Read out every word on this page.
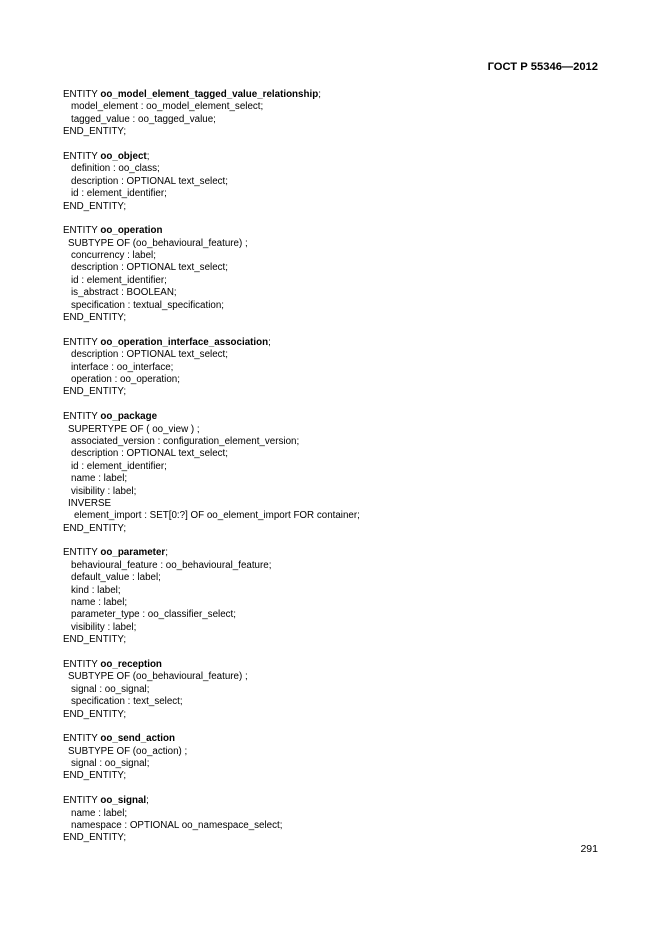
ГОСТ Р 55346—2012
ENTITY oo_model_element_tagged_value_relationship;
model_element : oo_model_element_select;
tagged_value : oo_tagged_value;
END_ENTITY;
ENTITY oo_object;
definition : oo_class;
description : OPTIONAL text_select;
id : element_identifier;
END_ENTITY;
ENTITY oo_operation
SUBTYPE OF (oo_behavioural_feature) ;
concurrency : label;
description : OPTIONAL text_select;
id : element_identifier;
is_abstract : BOOLEAN;
specification : textual_specification;
END_ENTITY;
ENTITY oo_operation_interface_association;
description : OPTIONAL text_select;
interface : oo_interface;
operation : oo_operation;
END_ENTITY;
ENTITY oo_package
SUPERTYPE OF ( oo_view ) ;
associated_version : configuration_element_version;
description : OPTIONAL text_select;
id : element_identifier;
name : label;
visibility : label;
INVERSE
element_import : SET[0:?] OF oo_element_import FOR container;
END_ENTITY;
ENTITY oo_parameter;
behavioural_feature : oo_behavioural_feature;
default_value : label;
kind : label;
name : label;
parameter_type : oo_classifier_select;
visibility : label;
END_ENTITY;
ENTITY oo_reception
SUBTYPE OF (oo_behavioural_feature) ;
signal : oo_signal;
specification : text_select;
END_ENTITY;
ENTITY oo_send_action
SUBTYPE OF (oo_action) ;
signal : oo_signal;
END_ENTITY;
ENTITY oo_signal;
name : label;
namespace : OPTIONAL oo_namespace_select;
END_ENTITY;
291
